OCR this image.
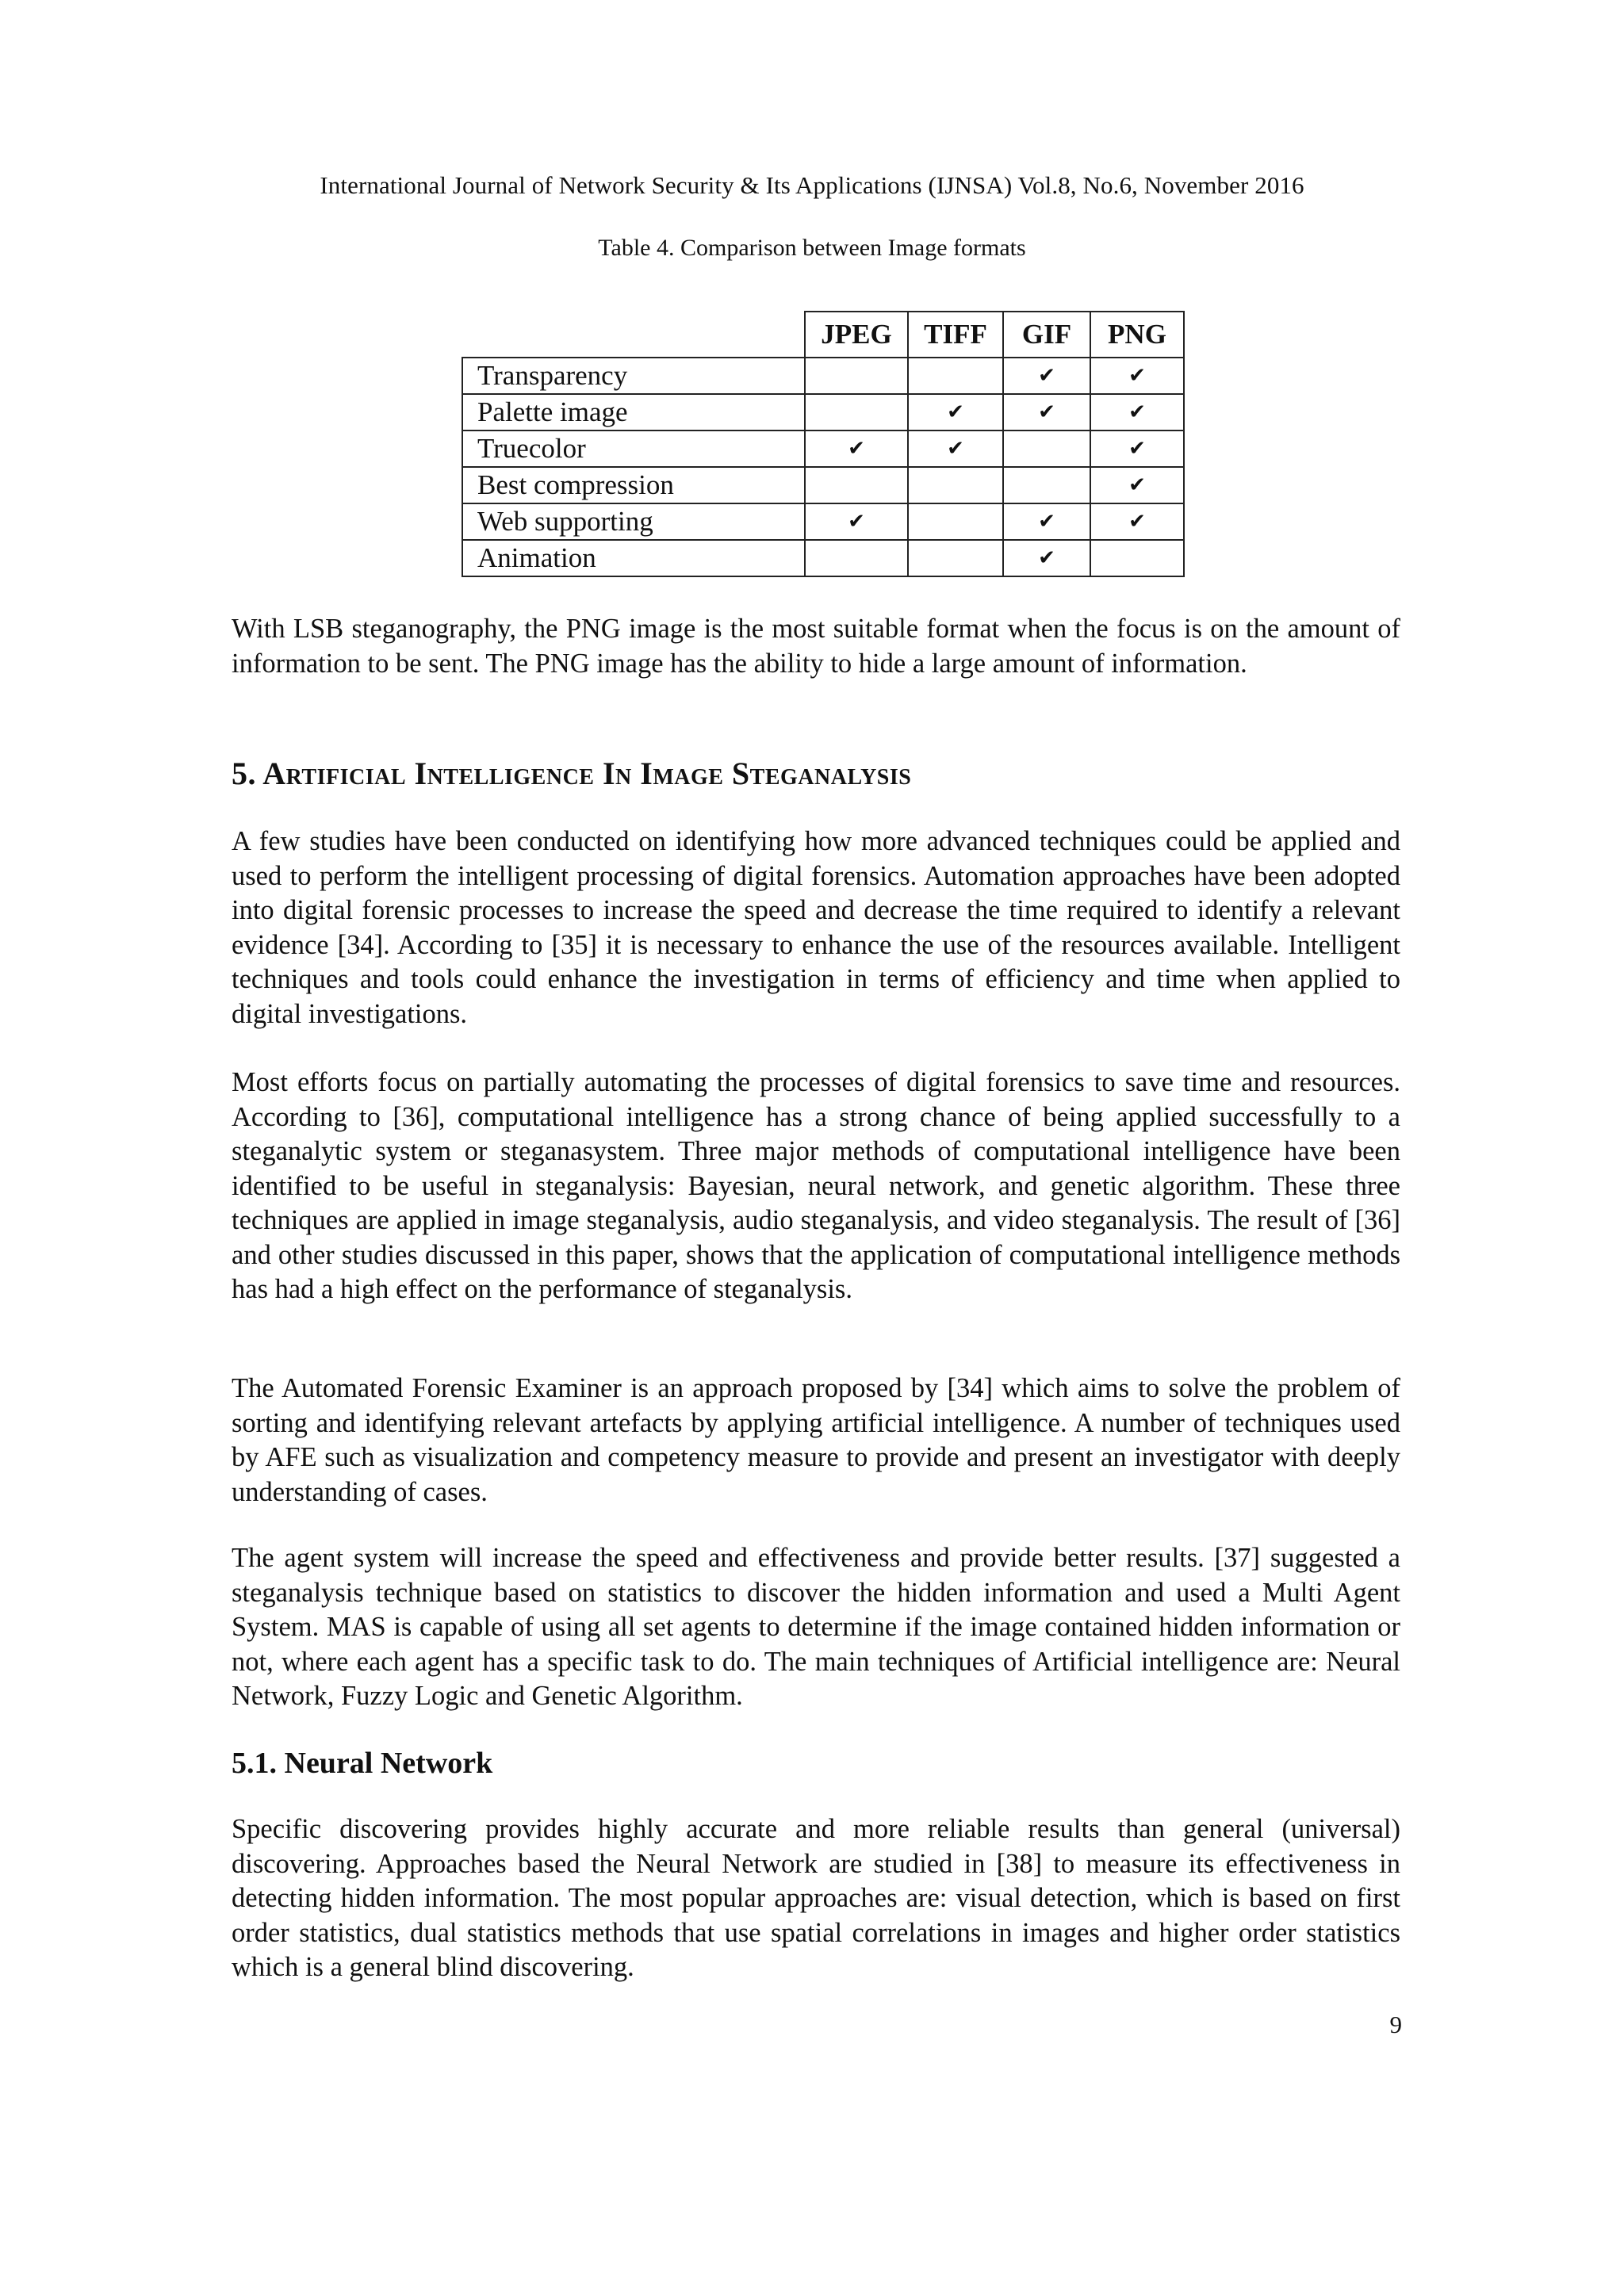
International Journal of Network Security & Its Applications (IJNSA) Vol.8, No.6, November 2016
Table 4. Comparison between Image formats
	JPEG	TIFF	GIF	PNG
Transparency			✔	✔
Palette image		✔	✔	✔
Truecolor	✔	✔		✔
Best compression				✔
Web supporting	✔		✔	✔
Animation			✔	

With LSB steganography, the PNG image is the most suitable format when the focus is on the amount of information to be sent. The PNG image has the ability to hide a large amount of information.

5. Artificial Intelligence In Image Steganalysis

A few studies have been conducted on identifying how more advanced techniques could be applied and used to perform the intelligent processing of digital forensics. Automation approaches have been adopted into digital forensic processes to increase the speed and decrease the time required to identify a relevant evidence [34]. According to [35] it is necessary to enhance the use of the resources available. Intelligent techniques and tools could enhance the investigation in terms of efficiency and time when applied to digital investigations.

Most efforts focus on partially automating the processes of digital forensics to save time and resources. According to [36], computational intelligence has a strong chance of being applied successfully to a steganalytic system or steganasystem. Three major methods of computational intelligence have been identified to be useful in steganalysis: Bayesian, neural network, and genetic algorithm. These three techniques are applied in image steganalysis, audio steganalysis, and video steganalysis. The result of [36] and other studies discussed in this paper, shows that the application of computational intelligence methods has had a high effect on the performance of steganalysis.

The Automated Forensic Examiner is an approach proposed by [34] which aims to solve the problem of sorting and identifying relevant artefacts by applying artificial intelligence. A number of techniques used by AFE such as visualization and competency measure to provide and present an investigator with deeply understanding of cases.

The agent system will increase the speed and effectiveness and provide better results. [37] suggested a steganalysis technique based on statistics to discover the hidden information and used a Multi Agent System. MAS is capable of using all set agents to determine if the image contained hidden information or not, where each agent has a specific task to do. The main techniques of Artificial intelligence are: Neural Network, Fuzzy Logic and Genetic Algorithm.

5.1. Neural Network

Specific discovering provides highly accurate and more reliable results than general (universal) discovering. Approaches based the Neural Network are studied in [38] to measure its effectiveness in detecting hidden information. The most popular approaches are: visual detection, which is based on first order statistics, dual statistics methods that use spatial correlations in images and higher order statistics which is a general blind discovering.

9
